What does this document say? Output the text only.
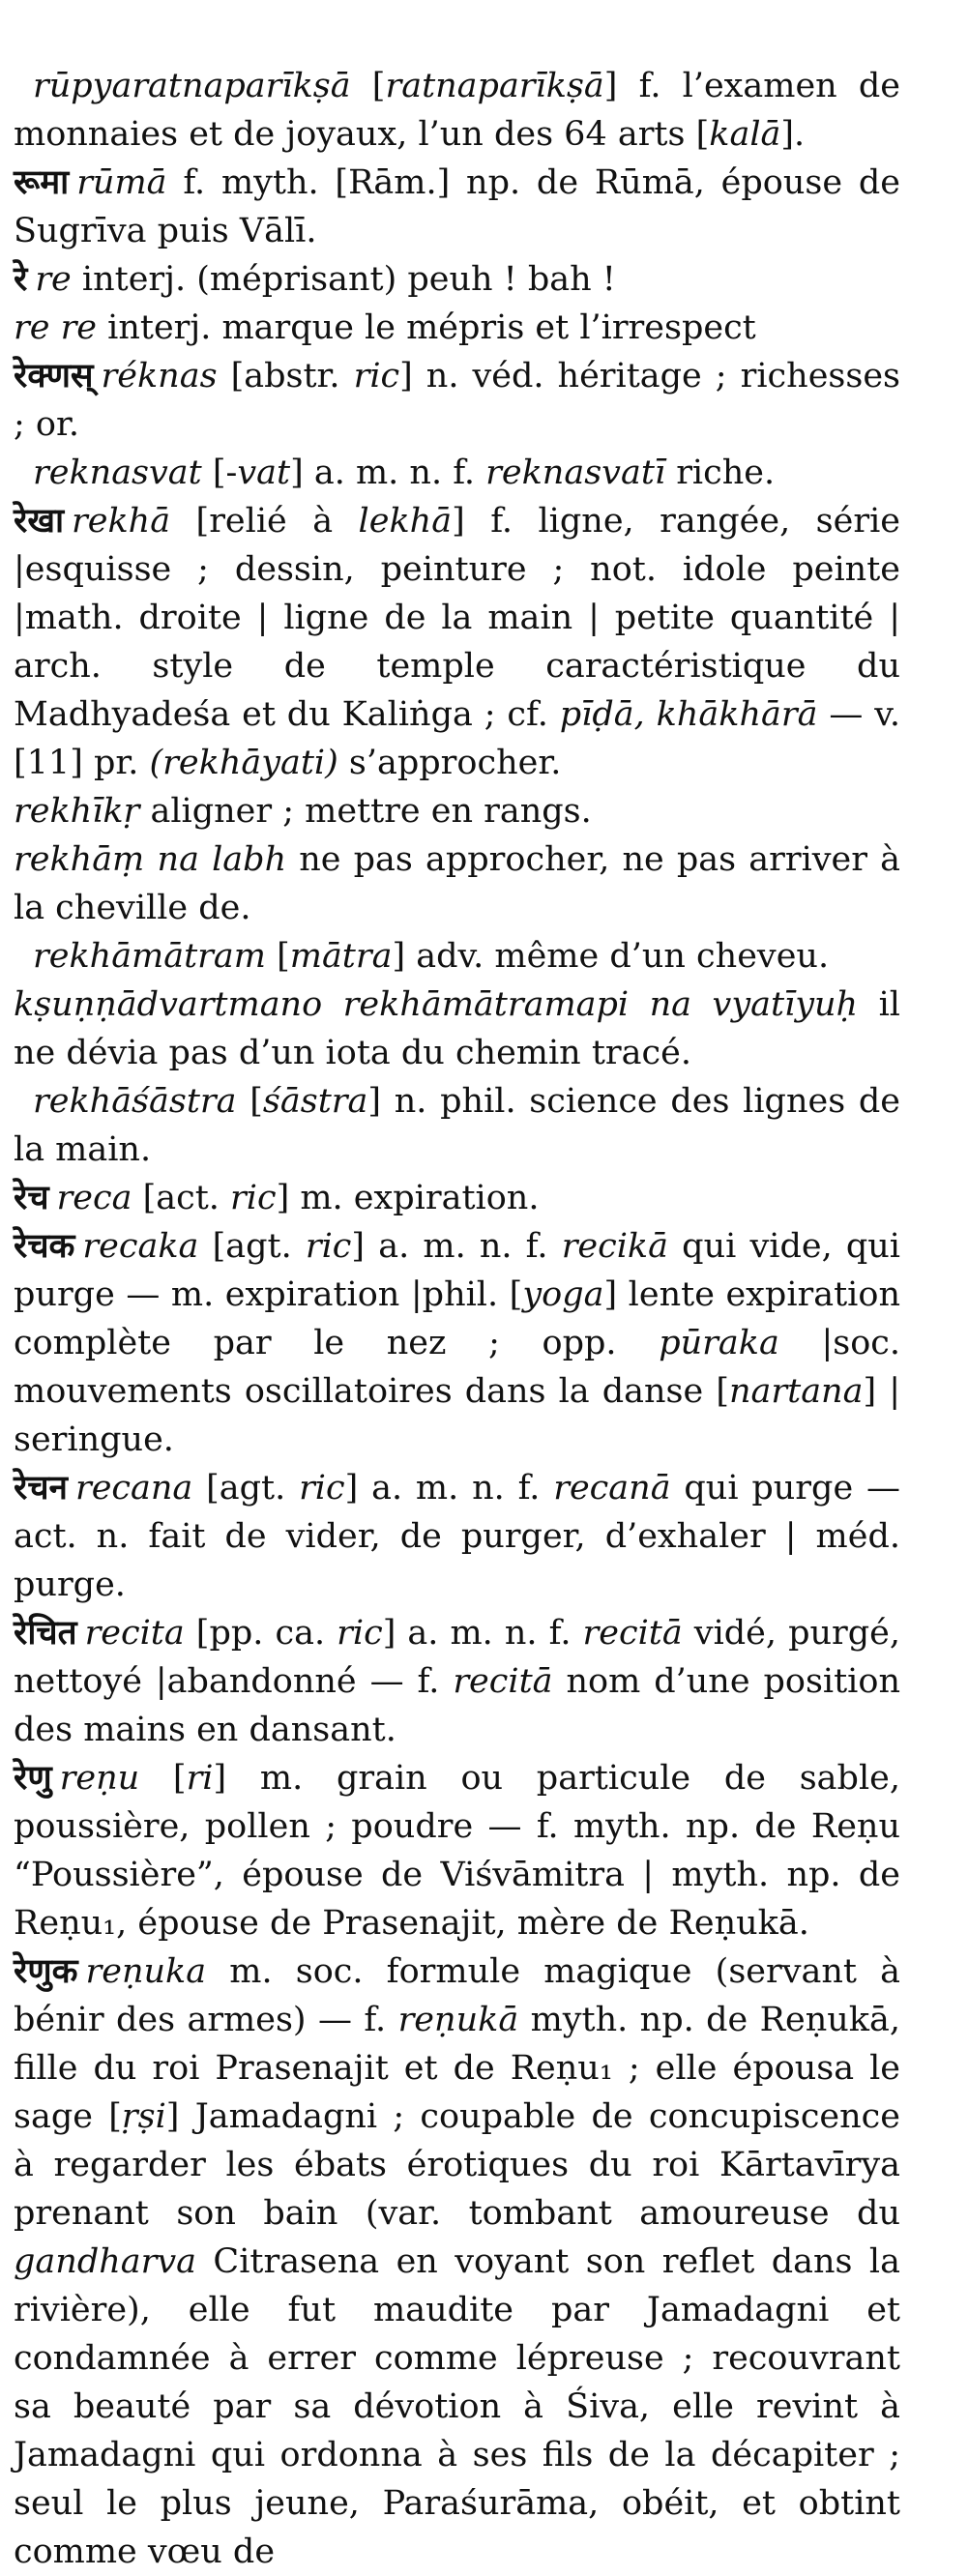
rūpyaratnaparīkṣā [ratnaparīkṣā] f. l’examen de monnaies et de joyaux, l’un des 64 arts [kalā].

रूमा rūmā f. myth. [Rām.] np. de Rūmā, épouse de Sugrīva puis Vālī.

रे re interj. (méprisant) peuh ! bah !

re re interj. marque le mépris et l’irrespect

रेक्णस् réknas [abstr. ric] n. véd. héritage ; richesses ; or.

reknasvat [-vat] a. m. n. f. reknasvatī riche.

रेखा rekhā [relié à lekhā] f. ligne, rangée, série |esquisse ; dessin, peinture ; not. idole peinte |math. droite | ligne de la main | petite quantité | arch. style de temple caractéristique du Madhyadeśa et du Kaliṅga ; cf. pīḍā, khākhārā — v. [11] pr. (rekhāyati) s’approcher.

rekhīkṛ aligner ; mettre en rangs.

rekhāṃ na labh ne pas approcher, ne pas arriver à la cheville de.

rekhāmātram [mātra] adv. même d’un cheveu.

kṣuṇṇādvartmano rekhāmātramapi na vyatīyuḥ il ne dévia pas d’un iota du chemin tracé.

rekhāśāstra [śāstra] n. phil. science des lignes de la main.

रेच reca [act. ric] m. expiration.

रेचक recaka [agt. ric] a. m. n. f. recikā qui vide, qui purge — m. expiration |phil. [yoga] lente expiration complète par le nez ; opp. pūraka |soc. mouvements oscillatoires dans la danse [nartana] | seringue.

रेचन recana [agt. ric] a. m. n. f. recanā qui purge — act. n. fait de vider, de purger, d’exhaler | méd. purge.

रेचित recita [pp. ca. ric] a. m. n. f. recitā vidé, purgé, nettoyé |abandonné — f. recitā nom d’une position des mains en dansant.

रेणु reṇu [ri] m. grain ou particule de sable, poussière, pollen ; poudre — f. myth. np. de Reṇu “Poussière”, épouse de Viśvāmitra | myth. np. de Reṇu₁, épouse de Prasenajit, mère de Reṇukā.

रेणुक reṇuka m. soc. formule magique (servant à bénir des armes) — f. reṇukā myth. np. de Reṇukā, fille du roi Prasenajit et de Reṇu₁ ; elle épousa le sage [ṛṣi] Jamadagni ; coupable de concupiscence à regarder les ébats érotiques du roi Kārtavīrya prenant son bain (var. tombant amoureuse du gandharva Citrasena en voyant son reflet dans la rivière), elle fut maudite par Jamadagni et condamnée à errer comme lépreuse ; recouvrant sa beauté par sa dévotion à Śiva, elle revint à Jamadagni qui ordonna à ses fils de la décapiter ; seul le plus jeune, Paraśurāma, obéit, et obtint comme vœu de
